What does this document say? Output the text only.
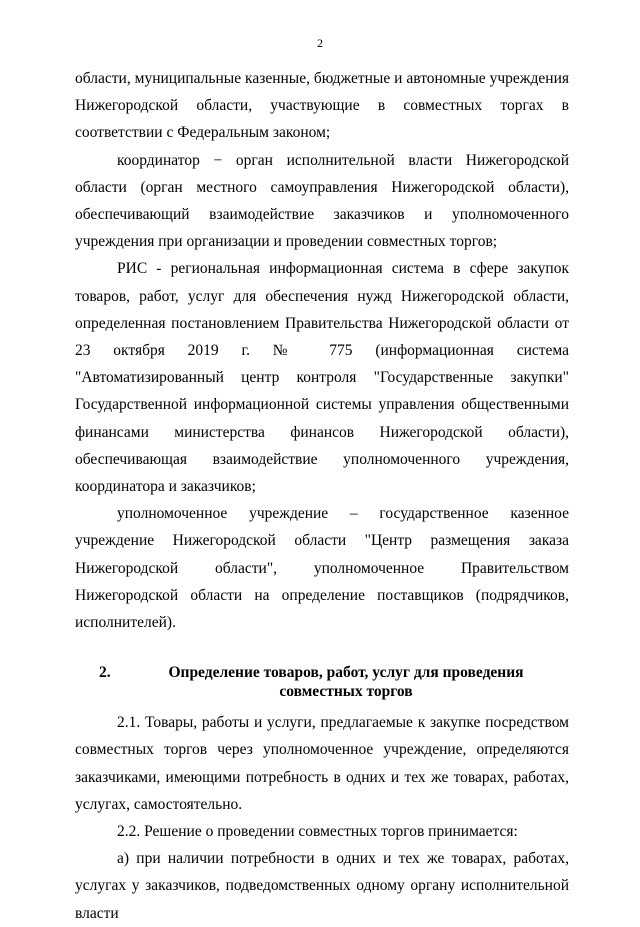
2

области, муниципальные казенные, бюджетные и автономные учреждения Нижегородской области, участвующие в совместных торгах в соответствии с Федеральным законом;

координатор − орган исполнительной власти Нижегородской области (орган местного самоуправления Нижегородской области), обеспечивающий взаимодействие заказчиков и уполномоченного учреждения при организации и проведении совместных торгов;

РИС - региональная информационная система в сфере закупок товаров, работ, услуг для обеспечения нужд Нижегородской области, определенная постановлением Правительства Нижегородской области от 23 октября 2019 г. № 775 (информационная система "Автоматизированный центр контроля "Государственные закупки" Государственной информационной системы управления общественными финансами министерства финансов Нижегородской области), обеспечивающая взаимодействие уполномоченного учреждения, координатора и заказчиков;

уполномоченное учреждение – государственное казенное учреждение Нижегородской области "Центр размещения заказа Нижегородской области", уполномоченное Правительством Нижегородской области на определение поставщиков (подрядчиков, исполнителей).

2.	Определение товаров, работ, услуг для проведения совместных торгов

2.1. Товары, работы и услуги, предлагаемые к закупке посредством совместных торгов через уполномоченное учреждение, определяются заказчиками, имеющими потребность в одних и тех же товарах, работах, услугах, самостоятельно.

2.2. Решение о проведении совместных торгов принимается:

а) при наличии потребности в одних и тех же товарах, работах, услугах у заказчиков, подведомственных одному органу исполнительной власти
